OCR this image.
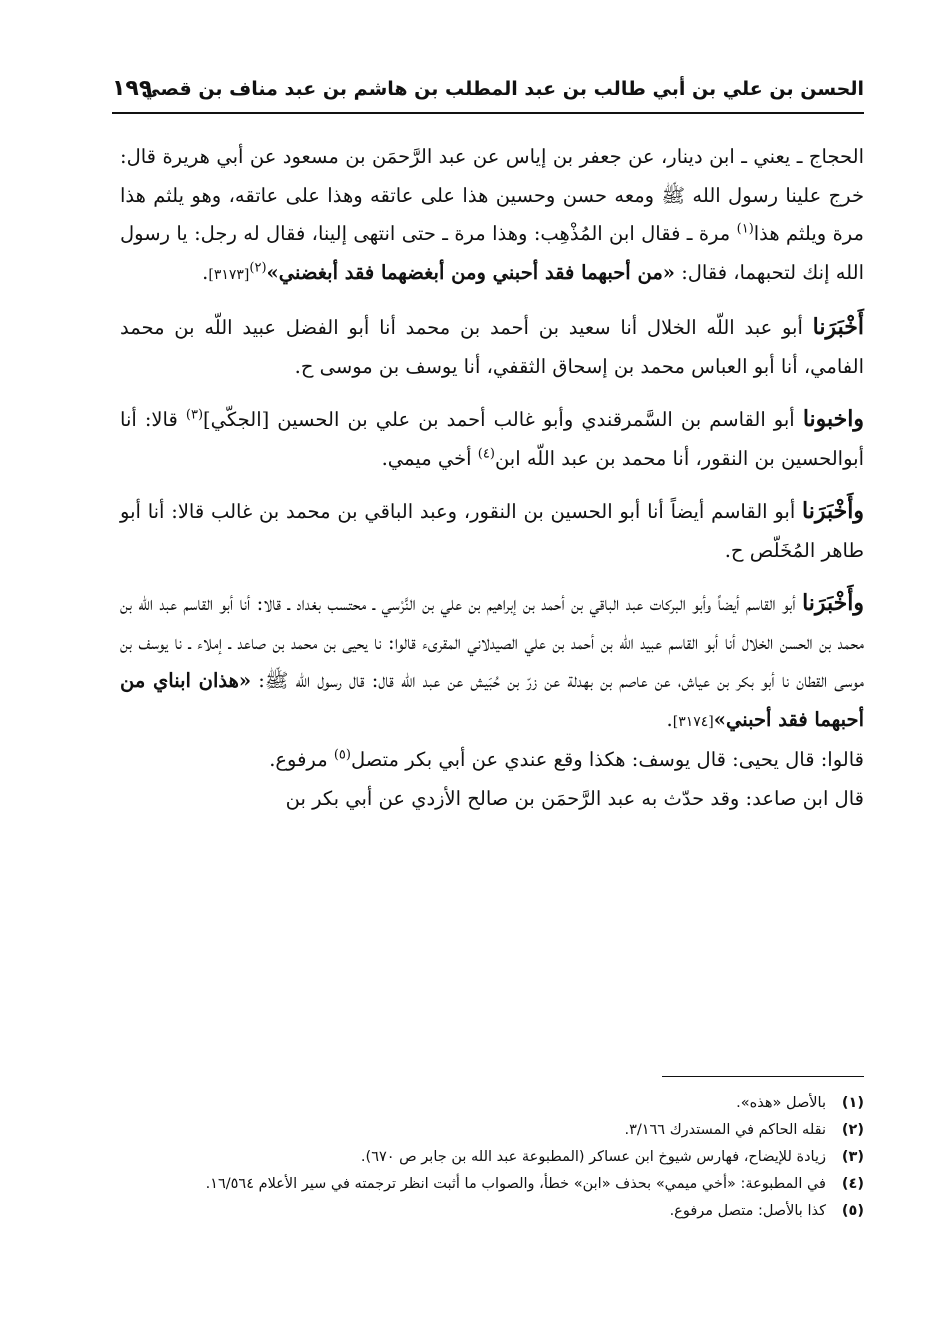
الحسن بن علي بن أبي طالب بن عبد المطلب بن هاشم بن عبد مناف بن قصي
١٩٩

الحجاج ـ يعني ـ ابن دينار، عن جعفر بن إياس عن عبد الرَّحمَن بن مسعود عن أبي هريرة قال: خرج علينا رسول الله ﷺ ومعه حسن وحسين هذا على عاتقه وهذا على عاتقه، وهو يلثم هذا مرة ويلثم هذا$^{(١)}$ مرة ـ فقال ابن المُذْهِب: وهذا مرة ـ حتى انتهى إلينا، فقال له رجل: يا رسول الله إنك لتحبهما، فقال: «من أحبهما فقد أحبني ومن أبغضهما فقد أبغضني»$^{(٢)}$[٣١٧٣].

أَخْبَرَنا أبو عبد اللّه الخلال أنا سعيد بن أحمد بن محمد أنا أبو الفضل عبيد اللّه بن محمد الفامي، أنا أبو العباس محمد بن إسحاق الثقفي، أنا يوسف بن موسى ح.

واخبونا أبو القاسم بن السَّمرقندي وأبو غالب أحمد بن علي بن الحسين [الجكّي]$^{(٣)}$ قالا: أنا أبوالحسين بن النقور، أنا محمد بن عبد اللّه ابن$^{(٤)}$ أخي ميمي.

وأَخْبَرَنا أبو القاسم أيضاً أنا أبو الحسين بن النقور، وعبد الباقي بن محمد بن غالب قالا: أنا أبو طاهر المُخَلّص ح.

وأَخْبَرَنا أبو القاسم أيضاً وأبو البركات عبد الباقي بن أحمد بن إبراهيم بن علي بن النَّرْسي ـ محتسب بغداد ـ قالا: أنا أبو القاسم عبد اللّه بن محمد بن الحسن الخلال أنا أبو القاسم عبيد اللّه بن أحمد بن علي الصيدلاني المقرىء قالوا: نا يحيى بن محمد بن صاعد ـ إملاء ـ نا يوسف بن موسى القطان نا أبو بكر بن عياش، عن عاصم بن بهدلة عن زرّ بن حُبَيش عن عبد اللّه قال: قال رسول الله ﷺ: «هذان ابناي من أحبهما فقد أحبني»[٣١٧٤].

قالوا: قال يحيى: قال يوسف: هكذا وقع عندي عن أبي بكر متصل$^{(٥)}$ مرفوع.

قال ابن صاعد: وقد حدّث به عبد الرَّحمَن بن صالح الأزدي عن أبي بكر بن

(١)
بالأصل «هذه».
(٢)
نقله الحاكم في المستدرك ٣/١٦٦.
(٣)
زيادة للإيضاح، فهارس شيوخ ابن عساكر (المطبوعة عبد الله بن جابر ص ٦٧٠).
(٤)
في المطبوعة: «أخي ميمي» بحذف «ابن» خطأ، والصواب ما أثبت انظر ترجمته في سير الأعلام ١٦/٥٦٤.
(٥)
كذا بالأصل: متصل مرفوع.
